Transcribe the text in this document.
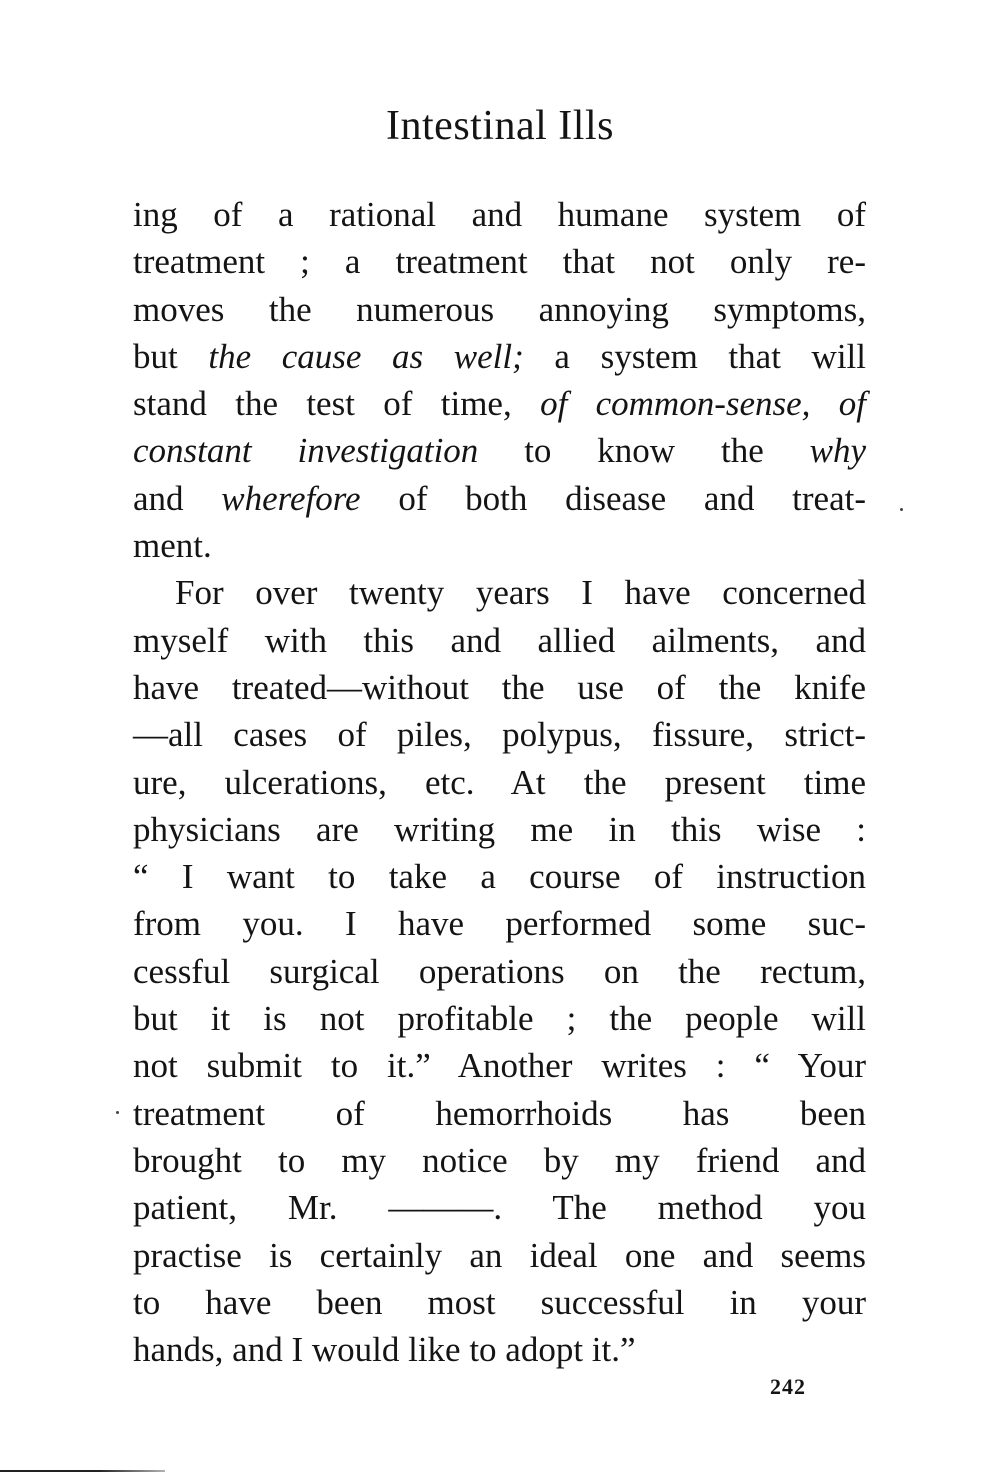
Intestinal Ills
ing of a rational and humane system of
treatment ; a treatment that not only re-
moves the numerous annoying symptoms,
but the cause as well; a system that will
stand the test of time, of common-sense, of
constant investigation to know the why
and wherefore of both disease and treat-
ment.
For over twenty years I have concerned
myself with this and allied ailments, and
have treated—without the use of the knife
—all cases of piles, polypus, fissure, strict-
ure, ulcerations, etc. At the present time
physicians are writing me in this wise :
“ I want to take a course of instruction
from you. I have performed some suc-
cessful surgical operations on the rectum,
but it is not profitable ; the people will
not submit to it.” Another writes : “ Your
treatment of hemorrhoids has been
brought to my notice by my friend and
patient, Mr. ———. The method you
practise is certainly an ideal one and seems
to have been most successful in your
hands, and I would like to adopt it.”
242
